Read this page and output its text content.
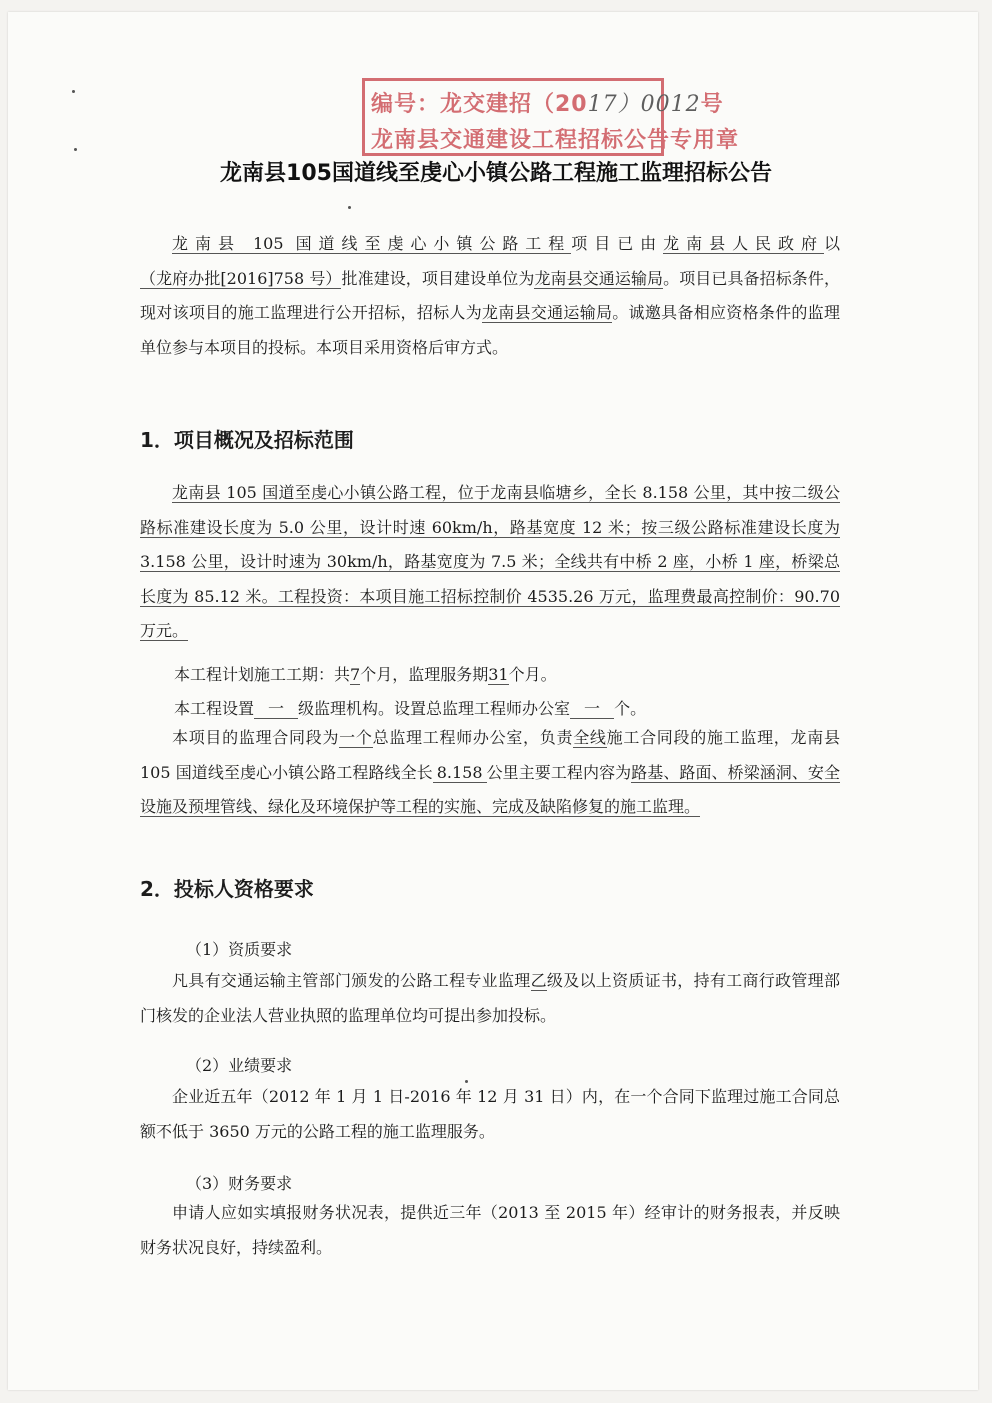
编号：龙交建招（2017）0012号
龙南县交通建设工程招标公告专用章
龙南县105国道线至虔心小镇公路工程施工监理招标公告

龙南县 105 国道线至虔心小镇公路工程项目已由龙南县人民政府以（龙府办批[2016]758 号）批准建设，项目建设单位为龙南县交通运输局。项目已具备招标条件，现对该项目的施工监理进行公开招标，招标人为龙南县交通运输局。诚邀具备相应资格条件的监理单位参与本项目的投标。本项目采用资格后审方式。

1．项目概况及招标范围

龙南县 105 国道至虔心小镇公路工程，位于龙南县临塘乡，全长 8.158 公里，其中按二级公路标准建设长度为 5.0 公里，设计时速 60km/h，路基宽度 12 米；按三级公路标准建设长度为 3.158 公里，设计时速为 30km/h，路基宽度为 7.5 米；全线共有中桥 2 座，小桥 1 座，桥梁总长度为 85.12 米。工程投资：本项目施工招标控制价 4535.26 万元，监理费最高控制价：90.70 万元。

本工程计划施工工期：共7个月，监理服务期31个月。
本工程设置 一 级监理机构。设置总监理工程师办公室 一 个。

本项目的监理合同段为一个总监理工程师办公室，负责全线施工合同段的施工监理，龙南县 105 国道线至虔心小镇公路工程路线全长 8.158 公里主要工程内容为路基、路面、桥梁涵洞、安全设施及预埋管线、绿化及环境保护等工程的实施、完成及缺陷修复的施工监理。

2．投标人资格要求
（1）资质要求

凡具有交通运输主管部门颁发的公路工程专业监理乙级及以上资质证书，持有工商行政管理部门核发的企业法人营业执照的监理单位均可提出参加投标。

（2）业绩要求

企业近五年（2012 年 1 月 1 日-2016 年 12 月 31 日）内，在一个合同下监理过施工合同总额不低于 3650 万元的公路工程的施工监理服务。

（3）财务要求

申请人应如实填报财务状况表，提供近三年（2013 至 2015 年）经审计的财务报表，并反映财务状况良好，持续盈利。
